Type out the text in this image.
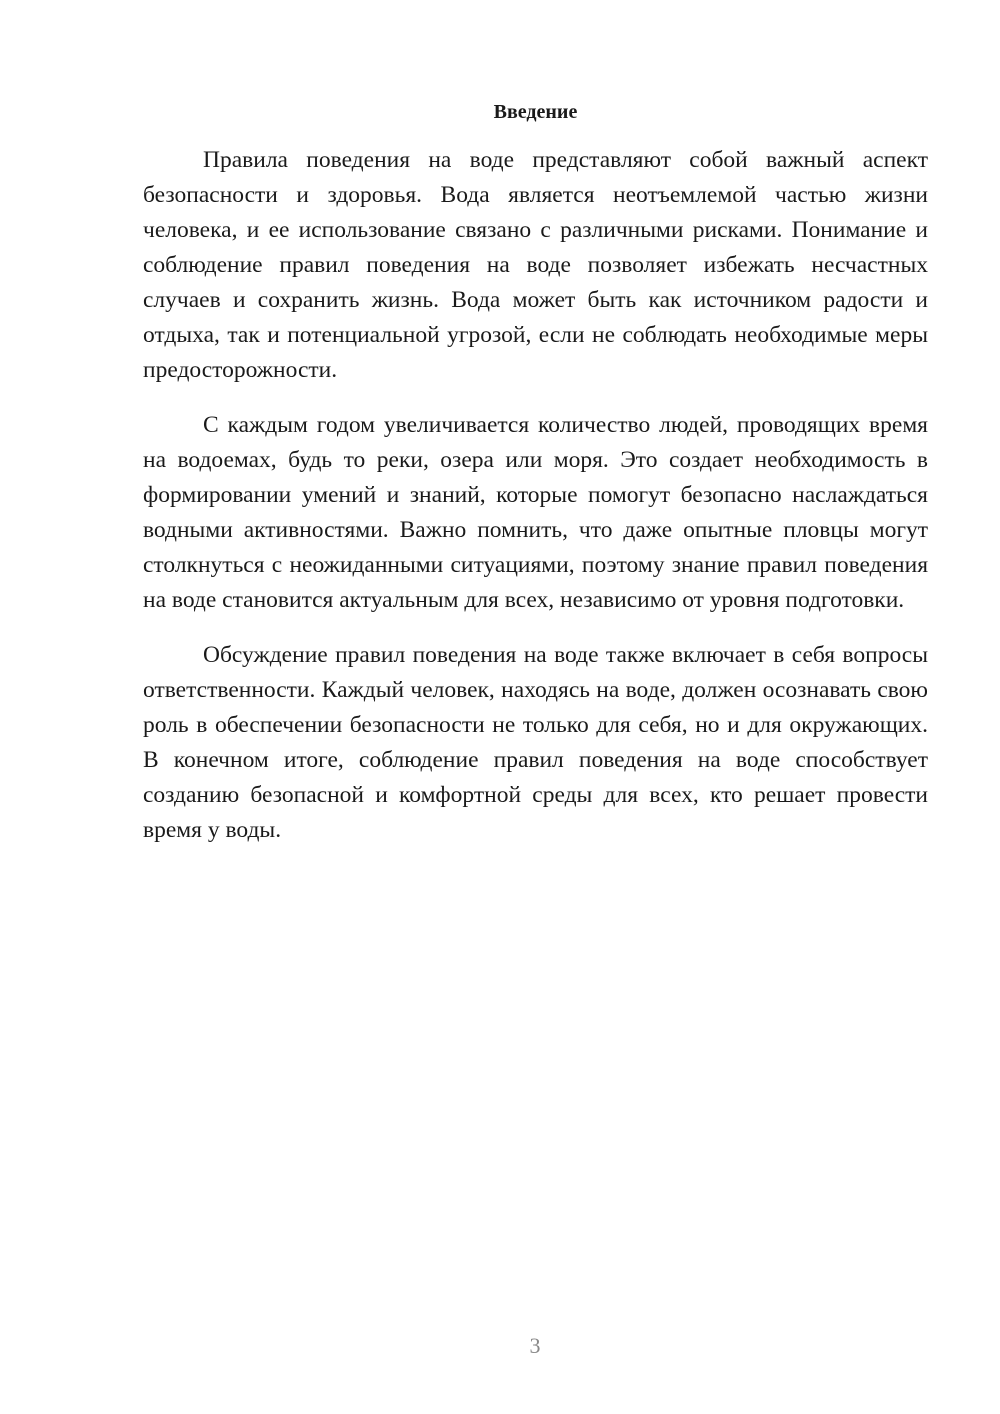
Введение

Правила поведения на воде представляют собой важный аспект безопасности и здоровья. Вода является неотъемлемой частью жизни человека, и ее использование связано с различными рисками. Понимание и соблюдение правил поведения на воде позволяет избежать несчастных случаев и сохранить жизнь. Вода может быть как источником радости и отдыха, так и потенциальной угрозой, если не соблюдать необходимые меры предосторожности.

С каждым годом увеличивается количество людей, проводящих время на водоемах, будь то реки, озера или моря. Это создает необходимость в формировании умений и знаний, которые помогут безопасно наслаждаться водными активностями. Важно помнить, что даже опытные пловцы могут столкнуться с неожиданными ситуациями, поэтому знание правил поведения на воде становится актуальным для всех, независимо от уровня подготовки.

Обсуждение правил поведения на воде также включает в себя вопросы ответственности. Каждый человек, находясь на воде, должен осознавать свою роль в обеспечении безопасности не только для себя, но и для окружающих. В конечном итоге, соблюдение правил поведения на воде способствует созданию безопасной и комфортной среды для всех, кто решает провести время у воды.

3
